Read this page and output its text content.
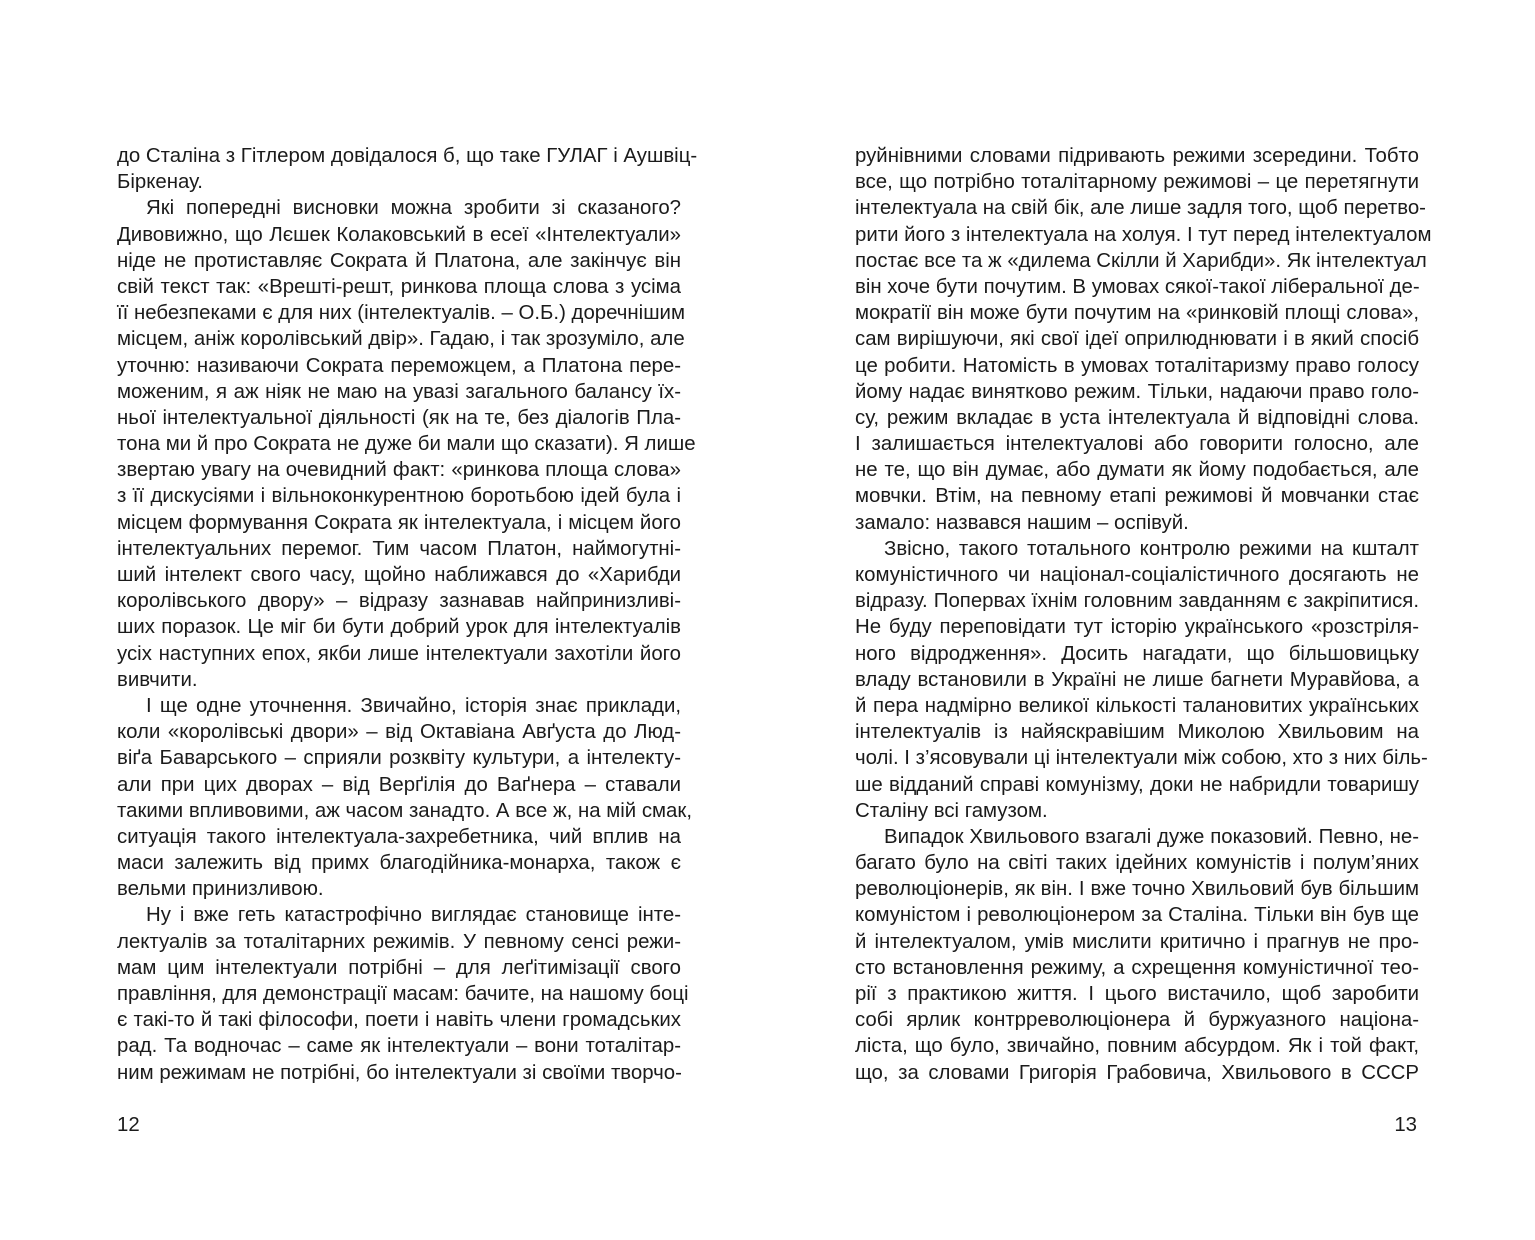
до Сталіна з Гітлером довідалося б, що таке ГУЛАГ і Аушвіц-
Біркенау.
Які попередні висновки можна зробити зі сказаного?
Дивовижно, що Лєшек Колаковський в есеї «Інтелектуали»
ніде не протиставляє Сократа й Платона, але закінчує він
свій текст так: «Врешті-решт, ринкова площа слова з усіма
її небезпеками є для них (інтелектуалів. – О.Б.) доречнішим
місцем, аніж королівський двір». Гадаю, і так зрозуміло, але
уточню: називаючи Сократа переможцем, а Платона пере-
моженим, я аж ніяк не маю на увазі загального балансу їх-
ньої інтелектуальної діяльності (як на те, без діалогів Пла-
тона ми й про Сократа не дуже би мали що сказати). Я лише
звертаю увагу на очевидний факт: «ринкова площа слова»
з її дискусіями і вільноконкурентною боротьбою ідей була і
місцем формування Сократа як інтелектуала, і місцем його
інтелектуальних перемог. Тим часом Платон, наймогутні-
ший інтелект свого часу, щойно наближався до «Харибди
королівського двору» – відразу зазнавав найпринизливі-
ших поразок. Це міг би бути добрий урок для інтелектуалів
усіх наступних епох, якби лише інтелектуали захотіли його
вивчити.
І ще одне уточнення. Звичайно, історія знає приклади,
коли «королівські двори» – від Октавіана Авґуста до Люд-
віґа Баварського – сприяли розквіту культури, а інтелекту-
али при цих дворах – від Верґілія до Ваґнера – ставали
такими впливовими, аж часом занадто. А все ж, на мій смак,
ситуація такого інтелектуала-захребетника, чий вплив на
маси залежить від примх благодійника-монарха, також є
вельми принизливою.
Ну і вже геть катастрофічно виглядає становище інте-
лектуалів за тоталітарних режимів. У певному сенсі режи-
мам цим інтелектуали потрібні – для леґітимізації свого
правління, для демонстрації масам: бачите, на нашому боці
є такі-то й такі філософи, поети і навіть члени громадських
рад. Та водночас – саме як інтелектуали – вони тоталітар-
ним режимам не потрібні, бо інтелектуали зі своїми творчо-
12
руйнівними словами підривають режими зсередини. Тобто
все, що потрібно тоталітарному режимові – це перетягнути
інтелектуала на свій бік, але лише задля того, щоб перетво-
рити його з інтелектуала на холуя. І тут перед інтелектуалом
постає все та ж «дилема Скілли й Харибди». Як інтелектуал
він хоче бути почутим. В умовах сякої-такої ліберальної де-
мократії він може бути почутим на «ринковій площі слова»,
сам вирішуючи, які свої ідеї оприлюднювати і в який спосіб
це робити. Натомість в умовах тоталітаризму право голосу
йому надає винятково режим. Тільки, надаючи право голо-
су, режим вкладає в уста інтелектуала й відповідні слова.
І залишається інтелектуалові або говорити голосно, але
не те, що він думає, або думати як йому подобається, але
мовчки. Втім, на певному етапі режимові й мовчанки стає
замало: назвався нашим – оспівуй.
Звісно, такого тотального контролю режими на кшталт
комуністичного чи націонал-соціалістичного досягають не
відразу. Поперваx їхнім головним завданням є закріпитися.
Не буду переповідати тут історію українського «розстріля-
ного відродження». Досить нагадати, що більшовицьку
владу встановили в Україні не лише багнети Муравйова, а
й пера надмірно великої кількості талановитих українських
інтелектуалів із найяскравішим Миколою Хвильовим на
чолі. І з’ясовували ці інтелектуали між собою, хто з них біль-
ше відданий справі комунізму, доки не набридли товаришу
Сталіну всі гамузом.
Випадок Хвильового взагалі дуже показовий. Певно, не-
багато було на світі таких ідейних комуністів і полум’яних
революціонерів, як він. І вже точно Хвильовий був більшим
комуністом і революціонером за Сталіна. Тільки він був ще
й інтелектуалом, умів мислити критично і прагнув не про-
сто встановлення режиму, а схрещення комуністичної тео-
рії з практикою життя. І цього вистачило, щоб заробити
собі ярлик контрреволюціонера й буржуазного націона-
ліста, що було, звичайно, повним абсурдом. Як і той факт,
що, за словами Григорія Грабовича, Хвильового в СССР
13
